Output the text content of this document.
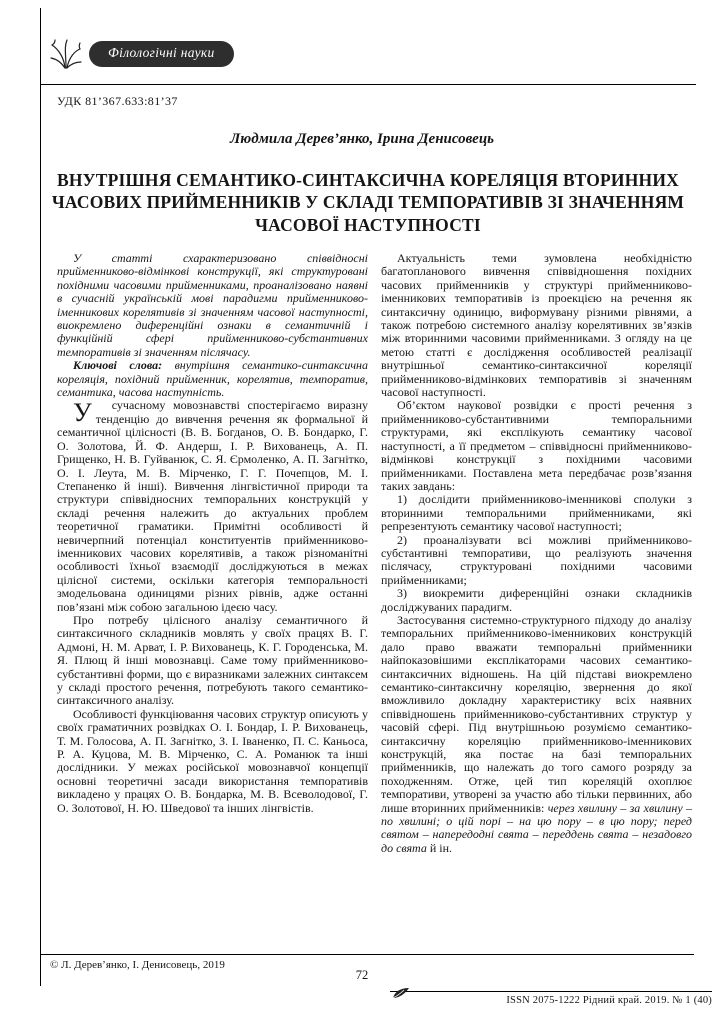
Філологічні науки
УДК 81’367.633:81’37
Людмила Дерев’янко, Ірина Денисовець
ВНУТРІШНЯ СЕМАНТИКО-СИНТАКСИЧНА КОРЕЛЯЦІЯ ВТОРИННИХ ЧАСОВИХ ПРИЙМЕННИКІВ У СКЛАДІ ТЕМПОРАТИВІВ ЗІ ЗНАЧЕННЯМ ЧАСОВОЇ НАСТУПНОСТІ

У статті схарактеризовано співвідносні прийменниково-відмінкові конструкції, які структуровані похідними часовими прийменниками, проаналізовано наявні в сучасній українській мові парадигми прийменниково-іменникових корелятивів зі значенням часової наступності, виокремлено диференційні ознаки в семантичній і функційній сфері прийменниково-субстантивних темпоративів зі значенням післячасу.

Ключові слова: внутрішня семантико-синтаксична кореляція, похідний прийменник, корелятив, темпоратив, семантика, часова наступність.

У	сучасному мовознавстві спостерігаємо виразну тенденцію до вивчення речення як формальної й семантичної цілісності (В. В. Богданов, О. В. Бондарко, Г. О. Золотова, Й. Ф. Андерш, І. Р. Вихованець, А. П. Грищенко, Н. В. Гуйванюк, С. Я. Єрмоленко, А. П. Загнітко, О. І. Леута, М. В. Мірченко, Г. Г. Почепцов, М. І. Степаненко й інші). Вивчення лінгвістичної природи та структури співвідносних темпоральних конструкцій у складі речення належить до актуальних проблем теоретичної граматики. Примітні особливості й невичерпний потенціал конституентів прийменниково-іменникових часових корелятивів, а також різноманітні особливості їхньої взаємодії досліджуються в межах цілісної системи, оскільки категорія темпоральності змодельована одиницями різних рівнів, адже останні пов’язані між собою загальною ідеєю часу.

Про потребу цілісного аналізу семантичного й синтаксичного складників мовлять у своїх працях В. Г. Адмоні, Н. М. Арват, І. Р. Вихованець, К. Г. Городенська, М. Я. Плющ й інші мовознавці. Саме тому прийменниково-субстантивні форми, що є виразниками залежних синтаксем у складі простого речення, потребують такого семантико-синтаксичного аналізу.

Особливості функціювання часових структур описують у своїх граматичних розвідках О. І. Бондар, І. Р. Вихованець, Т. М. Голосова, А. П. Загнітко, З. І. Іваненко, П. С. Каньоса, Р. А. Куцова, М. В. Мірченко, С. А. Романюк та інші дослідники. У межах російської мовознавчої концепції основні теоретичні засади використання темпоративів викладено у працях О. В. Бондарка, М. В. Всеволодової, Г. О. Золотової, Н. Ю. Шведової та інших лінгвістів.

Актуальність теми зумовлена необхідністю багатопланового вивчення співвідношення похідних часових прийменників у структурі прийменниково-іменникових темпоративів із проекцією на речення як синтаксичну одиницю, виформувану різними рівнями, а також потребою системного аналізу корелятивних зв’язків між вторинними часовими прийменниками. З огляду на це метою статті є дослідження особливостей реалізації внутрішньої семантико-синтаксичної кореляції прийменниково-відмінкових темпоративів зі значенням часової наступності.

Об’єктом наукової розвідки є прості речення з прийменниково-субстантивними темпоральними структурами, які експлікують семантику часової наступності, а її предметом – співвідносні прийменниково-відмінкові конструкції з похідними часовими прийменниками. Поставлена мета передбачає розв’язання таких завдань:

1) дослідити прийменниково-іменникові сполуки з вторинними темпоральними прийменниками, які репрезентують семантику часової наступності;

2) проаналізувати всі можливі прийменниково-субстантивні темпоративи, що реалізують значення післячасу, структуровані похідними часовими прийменниками;

3) виокремити диференційні ознаки складників досліджуваних парадигм.

Застосування системно-структурного підходу до аналізу темпоральних прийменниково-іменникових конструкцій дало право вважати темпоральні прийменники найпоказовішими експлікаторами часових семантико-синтаксичних відношень. На цій підставі виокремлено семантико-синтаксичну кореляцію, звернення до якої вможливило докладну характеристику всіх наявних співвідношень прийменниково-субстантивних структур у часовій сфері. Під внутрішньою розуміємо семантико-синтаксичну кореляцію прийменниково-іменникових конструкцій, яка постає на базі темпоральних прийменників, що належать до того самого розряду за походженням. Отже, цей тип кореляцій охоплює темпоративи, утворені за участю або тільки первинних, або лише вторинних прийменників: через хвилину – за хвилину – по хвилині; о цій порі – на цю пору – в цю пору; перед святом – напередодні свята – переддень свята – незадовго до свята й ін.

© Л. Дерев’янко, І. Денисовець, 2019
72
ISSN 2075-1222 Рідний край. 2019. № 1 (40)
